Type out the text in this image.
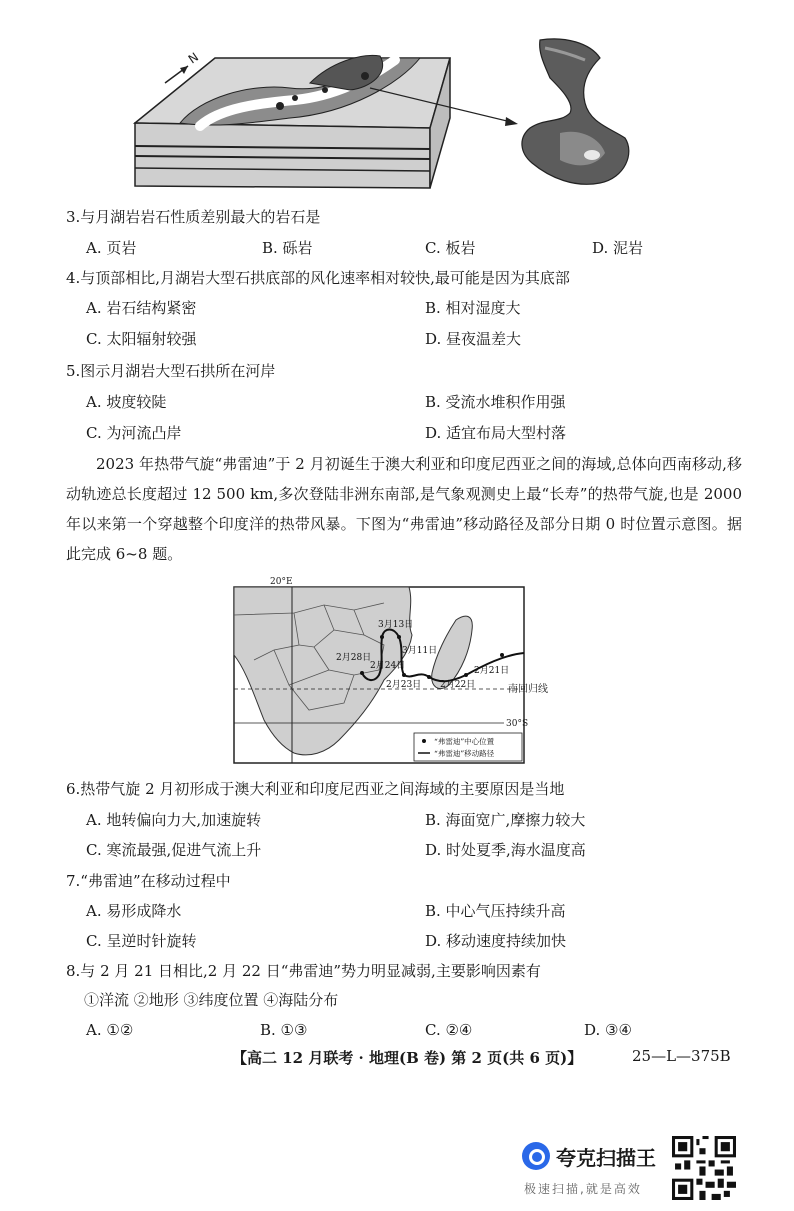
N
3.与月湖岩岩石性质差别最大的岩石是
A. 页岩	B. 砾岩	C. 板岩	D. 泥岩
4.与顶部相比,月湖岩大型石拱底部的风化速率相对较快,最可能是因为其底部
A. 岩石结构紧密	B. 相对湿度大
C. 太阳辐射较强	D. 昼夜温差大
5.图示月湖岩大型石拱所在河岸
A. 坡度较陡	B. 受流水堆积作用强
C. 为河流凸岸	D. 适宜布局大型村落

2023 年热带气旋“弗雷迪”于 2 月初诞生于澳大利亚和印度尼西亚之间的海域,总体向西南移动,移动轨迹总长度超过 12 500 km,多次登陆非洲东南部,是气象观测史上最“长寿”的热带气旋,也是 2000 年以来第一个穿越整个印度洋的热带风暴。下图为“弗雷迪”移动路径及部分日期 0 时位置示意图。据此完成 6~8 题。

20°E
南回归线
30°S
3月13日
3月11日
2月28日
2月24日
2月23日 2月22日
2月21日
“弗雷迪”中心位置
“弗雷迪”移动路径
6.热带气旋 2 月初形成于澳大利亚和印度尼西亚之间海域的主要原因是当地
A. 地转偏向力大,加速旋转	B. 海面宽广,摩擦力较大
C. 寒流最强,促进气流上升	D. 时处夏季,海水温度高
7.“弗雷迪”在移动过程中
A. 易形成降水	B. 中心气压持续升高
C. 呈逆时针旋转	D. 移动速度持续加快
8.与 2 月 21 日相比,2 月 22 日“弗雷迪”势力明显减弱,主要影响因素有
①洋流 ②地形 ③纬度位置 ④海陆分布
A. ①②	B. ①③	C. ②④	D. ③④
【高二 12 月联考 · 地理(B 卷) 第 2 页(共 6 页)】	25—L—375B
夸克扫描王
极速扫描,就是高效
